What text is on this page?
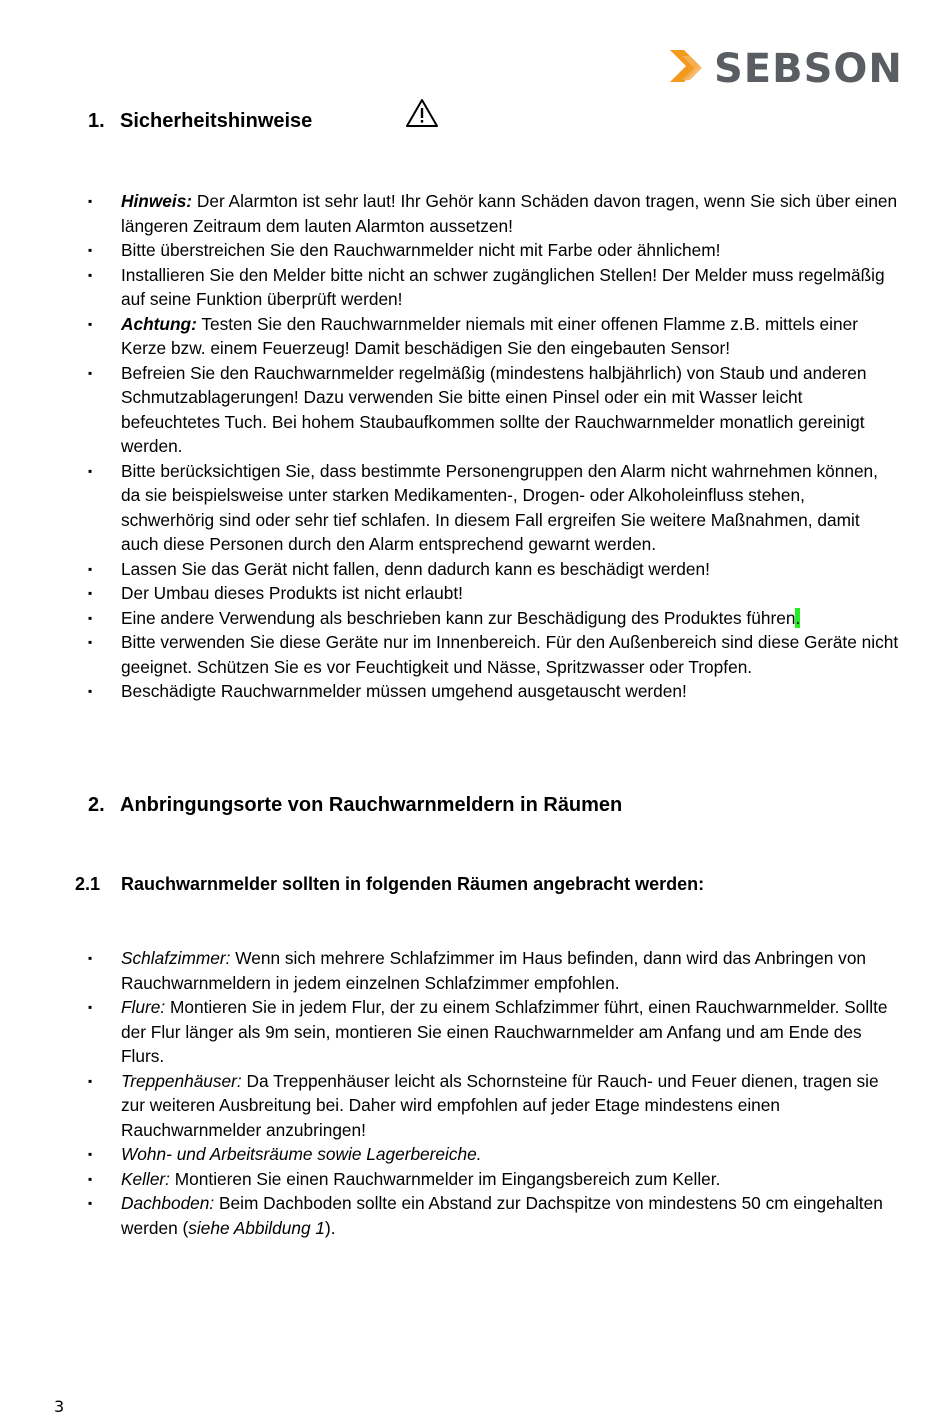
SEBSON
1. Sicherheitshinweise
▪ Hinweis: Der Alarmton ist sehr laut! Ihr Gehör kann Schäden davon tragen, wenn Sie sich über einen längeren Zeitraum dem lauten Alarmton aussetzen!
▪ Bitte überstreichen Sie den Rauchwarnmelder nicht mit Farbe oder ähnlichem!
▪ Installieren Sie den Melder bitte nicht an schwer zugänglichen Stellen! Der Melder muss regelmäßig auf seine Funktion überprüft werden!
▪ Achtung: Testen Sie den Rauchwarnmelder niemals mit einer offenen Flamme z.B. mittels einer Kerze bzw. einem Feuerzeug! Damit beschädigen Sie den eingebauten Sensor!
▪ Befreien Sie den Rauchwarnmelder regelmäßig (mindestens halbjährlich) von Staub und anderen Schmutzablagerungen! Dazu verwenden Sie bitte einen Pinsel oder ein mit Wasser leicht befeuchtetes Tuch. Bei hohem Staubaufkommen sollte der Rauchwarnmelder monatlich gereinigt werden.
▪ Bitte berücksichtigen Sie, dass bestimmte Personengruppen den Alarm nicht wahrnehmen können, da sie beispielsweise unter starken Medikamenten-, Drogen- oder Alkoholeinfluss stehen, schwerhörig sind oder sehr tief schlafen. In diesem Fall ergreifen Sie weitere Maßnahmen, damit auch diese Personen durch den Alarm entsprechend gewarnt werden.
▪ Lassen Sie das Gerät nicht fallen, denn dadurch kann es beschädigt werden!
▪ Der Umbau dieses Produkts ist nicht erlaubt!
▪ Eine andere Verwendung als beschrieben kann zur Beschädigung des Produktes führen.
▪ Bitte verwenden Sie diese Geräte nur im Innenbereich. Für den Außenbereich sind diese Geräte nicht geeignet. Schützen Sie es vor Feuchtigkeit und Nässe, Spritzwasser oder Tropfen.
▪ Beschädigte Rauchwarnmelder müssen umgehend ausgetauscht werden!
2. Anbringungsorte von Rauchwarnmeldern in Räumen
2.1	Rauchwarnmelder sollten in folgenden Räumen angebracht werden:
▪ Schlafzimmer: Wenn sich mehrere Schlafzimmer im Haus befinden, dann wird das Anbringen von Rauchwarnmeldern in jedem einzelnen Schlafzimmer empfohlen.
▪ Flure: Montieren Sie in jedem Flur, der zu einem Schlafzimmer führt, einen Rauchwarnmelder. Sollte der Flur länger als 9m sein, montieren Sie einen Rauchwarnmelder am Anfang und am Ende des Flurs.
▪ Treppenhäuser: Da Treppenhäuser leicht als Schornsteine für Rauch- und Feuer dienen, tragen sie zur weiteren Ausbreitung bei. Daher wird empfohlen auf jeder Etage mindestens einen Rauchwarnmelder anzubringen!
▪ Wohn- und Arbeitsräume sowie Lagerbereiche.
▪ Keller: Montieren Sie einen Rauchwarnmelder im Eingangsbereich zum Keller.
▪ Dachboden: Beim Dachboden sollte ein Abstand zur Dachspitze von mindestens 50 cm eingehalten werden (siehe Abbildung 1).
3
